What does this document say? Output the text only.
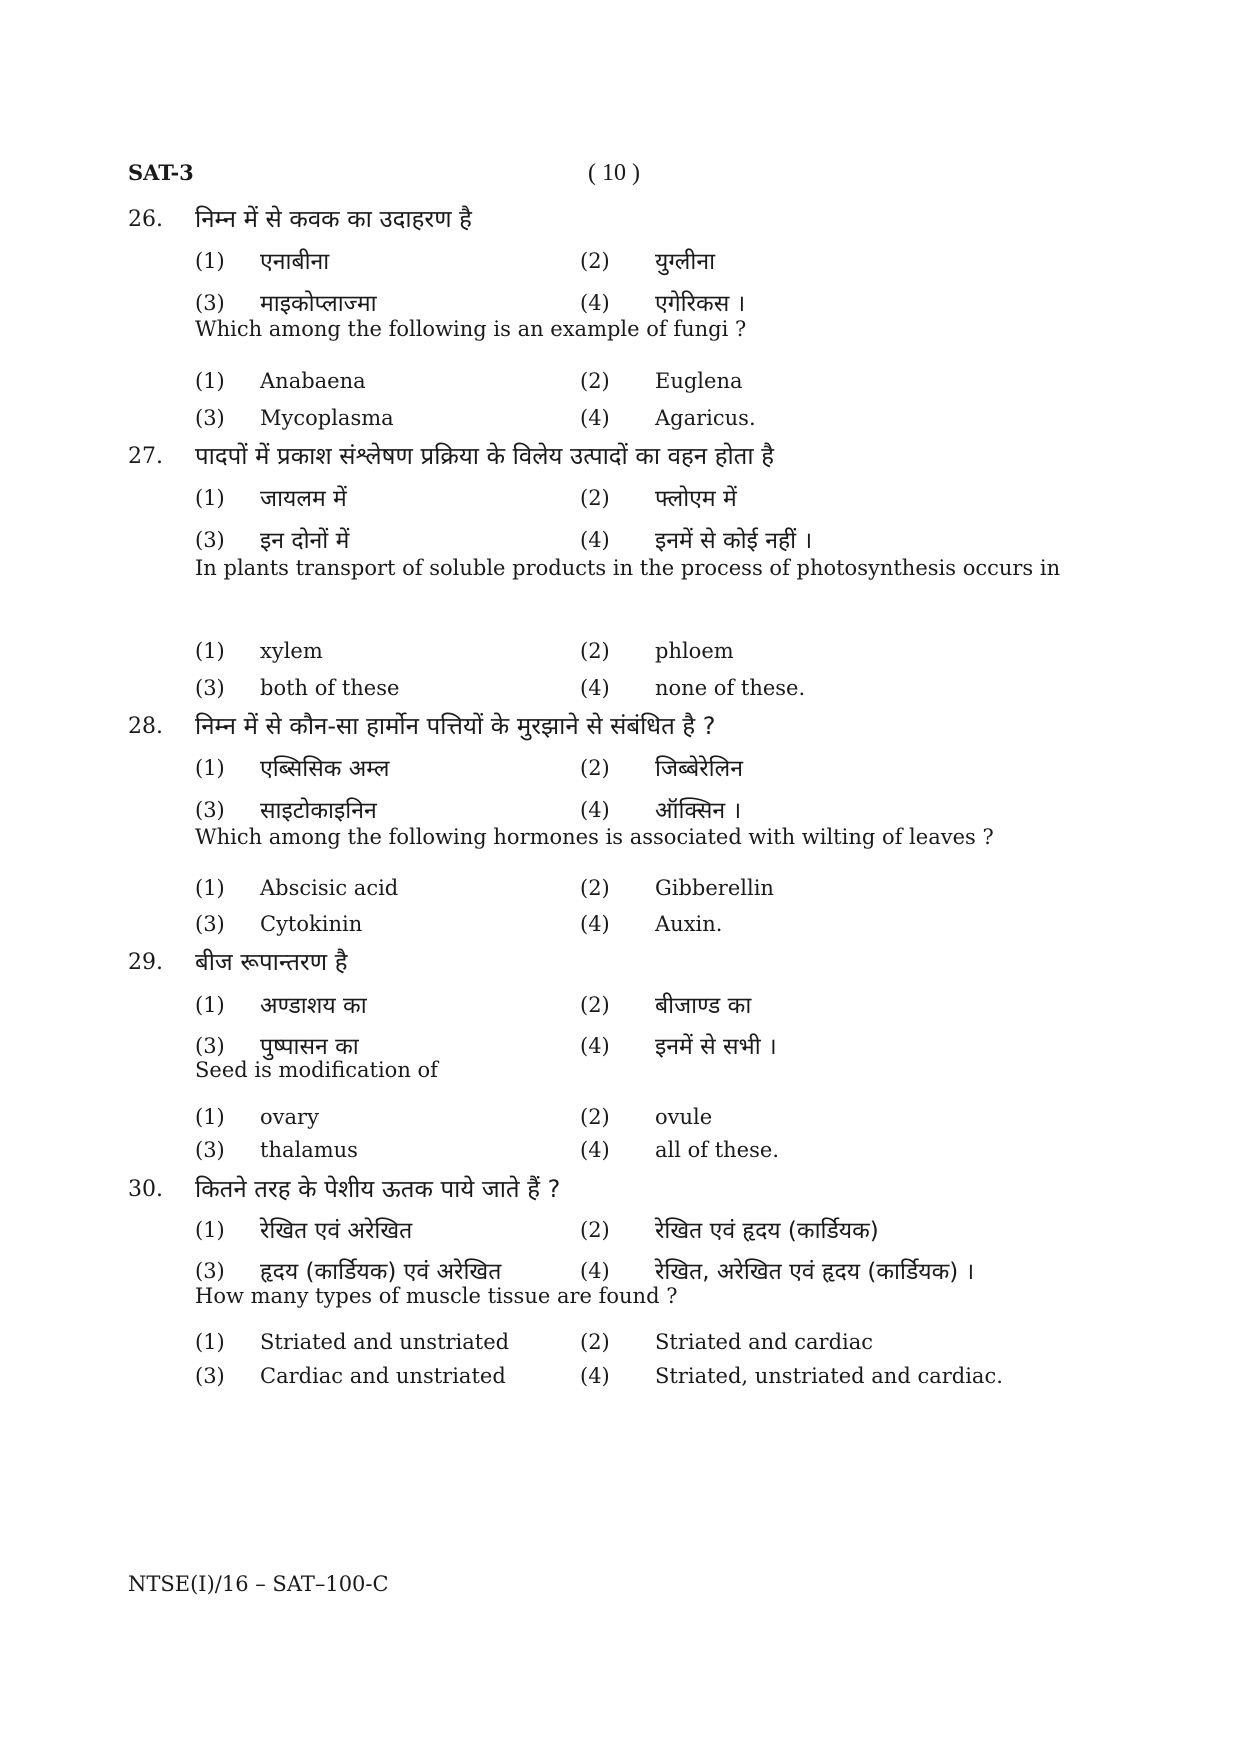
SAT-3	( 10 )
26. निम्न में से कवक का उदाहरण है
(1) एनाबीना	(2) युग्लीना
(3) माइकोप्लाज्मा	(4) एगेरिकस ।
Which among the following is an example of fungi ?
(1) Anabaena	(2) Euglena
(3) Mycoplasma	(4) Agaricus.
27. पादपों में प्रकाश संश्लेषण प्रक्रिया के विलेय उत्पादों का वहन होता है
(1) जायलम में	(2) फ्लोएम में
(3) इन दोनों में	(4) इनमें से कोई नहीं ।
In plants transport of soluble products in the process of photosynthesis occurs in
(1) xylem	(2) phloem
(3) both of these	(4) none of these.
28. निम्न में से कौन-सा हार्मोन पत्तियों के मुरझाने से संबंधित है ?
(1) एब्सिसिक अम्ल	(2) जिब्बेरेलिन
(3) साइटोकाइनिन	(4) ऑक्सिन ।
Which among the following hormones is associated with wilting of leaves ?
(1) Abscisic acid	(2) Gibberellin
(3) Cytokinin	(4) Auxin.
29. बीज रूपान्तरण है
(1) अण्डाशय का	(2) बीजाण्ड का
(3) पुष्पासन का	(4) इनमें से सभी ।
Seed is modification of
(1) ovary	(2) ovule
(3) thalamus	(4) all of these.
30. कितने तरह के पेशीय ऊतक पाये जाते हैं ?
(1) रेखित एवं अरेखित	(2) रेखित एवं हृदय (कार्डियक)
(3) हृदय (कार्डियक) एवं अरेखित	(4) रेखित, अरेखित एवं हृदय (कार्डियक) ।
How many types of muscle tissue are found ?
(1) Striated and unstriated	(2) Striated and cardiac
(3) Cardiac and unstriated	(4) Striated, unstriated and cardiac.
NTSE(I)/16 – SAT–100-C
